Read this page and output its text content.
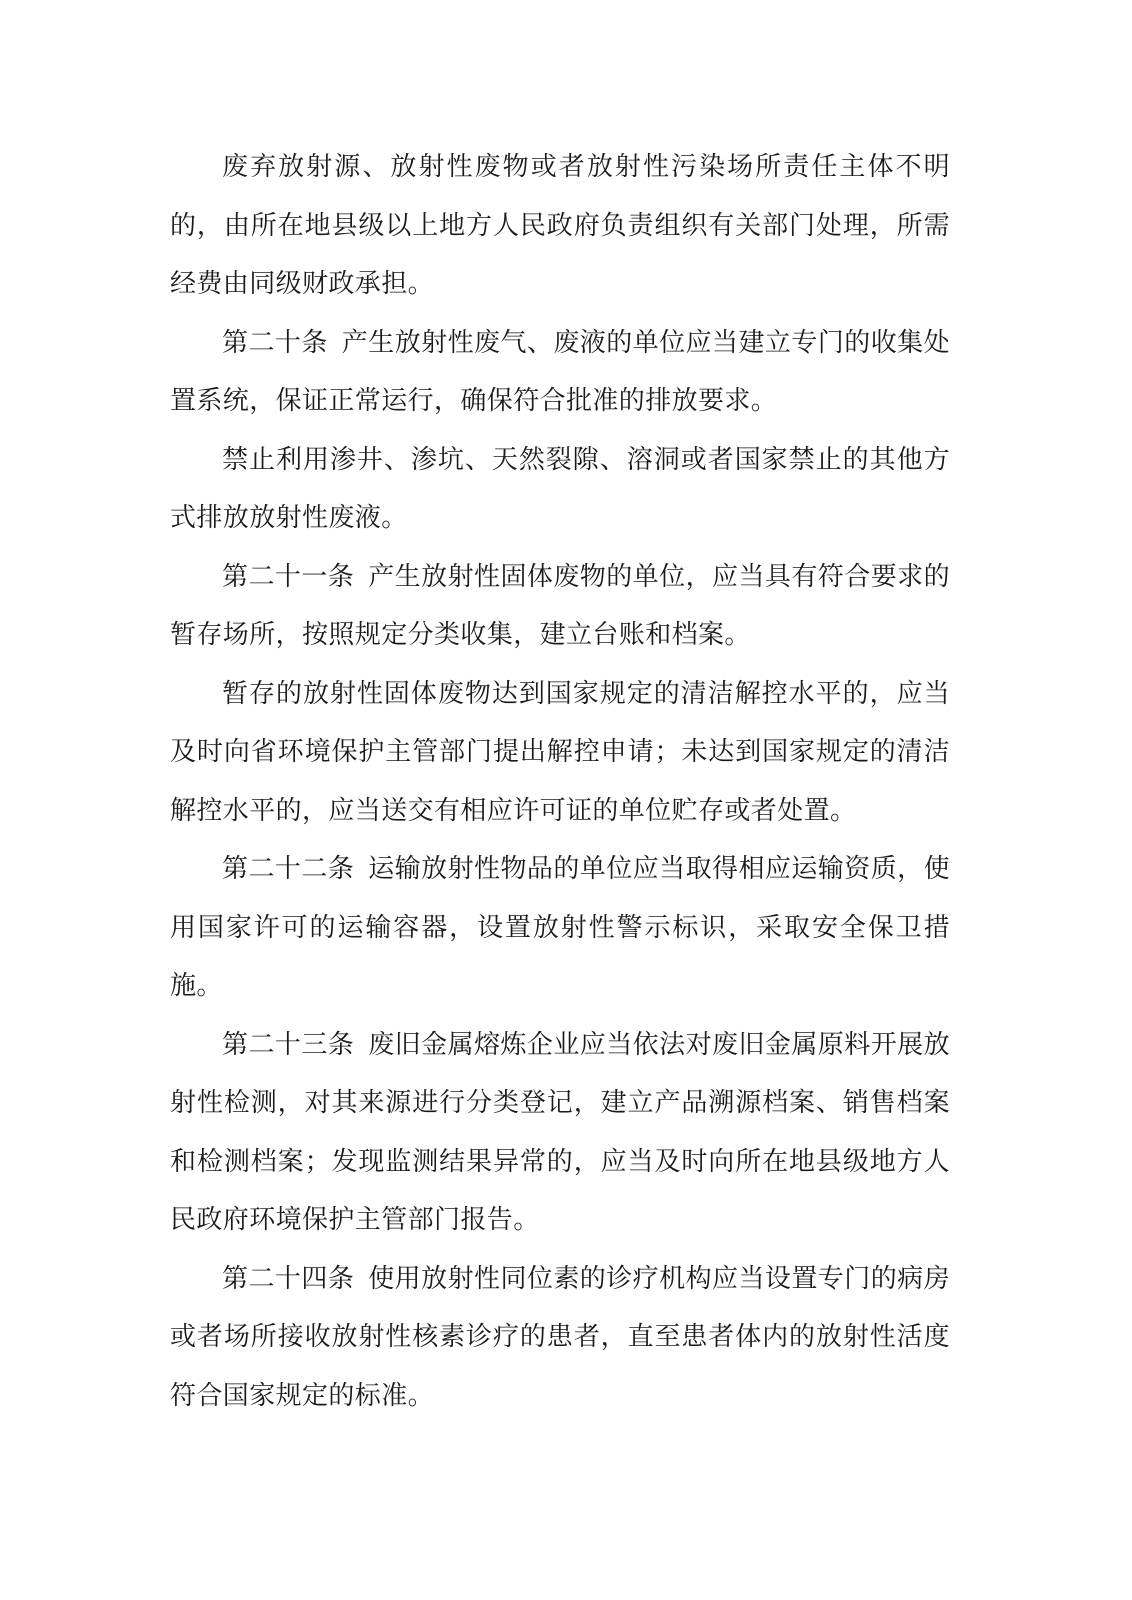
废弃放射源、放射性废物或者放射性污染场所责任主体不明的，由所在地县级以上地方人民政府负责组织有关部门处理，所需经费由同级财政承担。

第二十条 产生放射性废气、废液的单位应当建立专门的收集处置系统，保证正常运行，确保符合批准的排放要求。

禁止利用渗井、渗坑、天然裂隙、溶洞或者国家禁止的其他方式排放放射性废液。

第二十一条 产生放射性固体废物的单位，应当具有符合要求的暂存场所，按照规定分类收集，建立台账和档案。

暂存的放射性固体废物达到国家规定的清洁解控水平的，应当及时向省环境保护主管部门提出解控申请；未达到国家规定的清洁解控水平的，应当送交有相应许可证的单位贮存或者处置。

第二十二条 运输放射性物品的单位应当取得相应运输资质，使用国家许可的运输容器，设置放射性警示标识，采取安全保卫措施。

第二十三条 废旧金属熔炼企业应当依法对废旧金属原料开展放射性检测，对其来源进行分类登记，建立产品溯源档案、销售档案和检测档案；发现监测结果异常的，应当及时向所在地县级地方人民政府环境保护主管部门报告。

第二十四条 使用放射性同位素的诊疗机构应当设置专门的病房或者场所接收放射性核素诊疗的患者，直至患者体内的放射性活度符合国家规定的标准。
